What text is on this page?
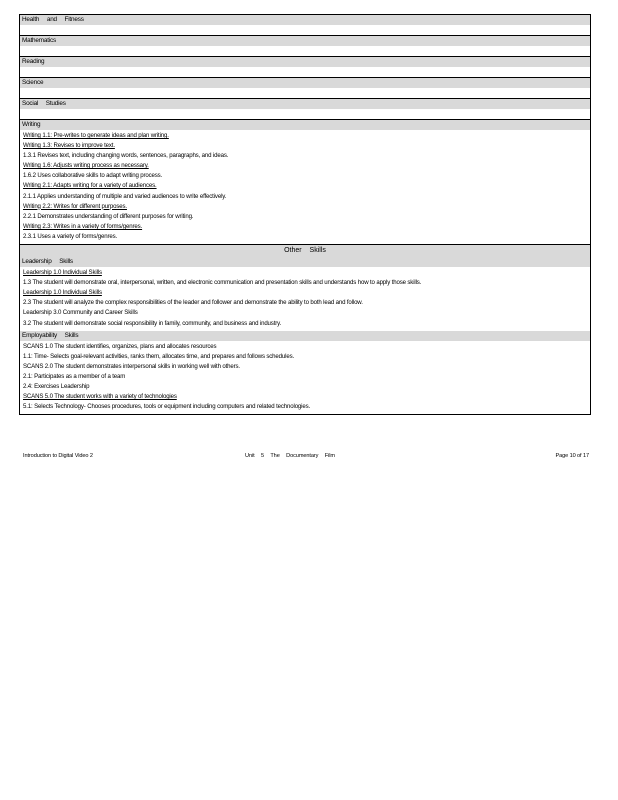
Health and Fitness
Mathematics
Reading
Science
Social Studies
Writing
Writing 1.1: Pre-writes to generate ideas and plan writing.
Writing 1.3: Revises to improve text.
1.3.1 Revises text, including changing words, sentences, paragraphs, and ideas.
Writing 1.6: Adjusts writing process as necessary.
1.6.2 Uses collaborative skills to adapt writing process.
Writing 2.1: Adapts writing for a variety of audiences.
2.1.1 Applies understanding of multiple and varied audiences to write effectively.
Writing 2.2: Writes for different purposes.
2.2.1 Demonstrates understanding of different purposes for writing.
Writing 2.3: Writes in a variety of forms/genres.
2.3.1 Uses a variety of forms/genres.
Other Skills
Leadership Skills
Leadership 1.0 Individual Skills
1.3 The student will demonstrate oral, interpersonal, written, and electronic communication and presentation skills and understands how to apply those skills.
Leadership 1.0 Individual Skills
2.3 The student will analyze the complex responsibilities of the leader and follower and demonstrate the ability to both lead and follow.
Leadership 3.0 Community and Career Skills
3.2 The student will demonstrate social responsibility in family, community, and business and industry.
Employability Skills
SCANS 1.0 The student identifies, organizes, plans and allocates resources
1.1: Time- Selects goal-relevant activities, ranks them, allocates time, and prepares and follows schedules.
SCANS 2.0 The student demonstrates interpersonal skills in working well with others.
2.1: Participates as a member of a team
2.4: Exercises Leadership
SCANS 5.0 The student works with a variety of technologies
5.1: Selects Technology- Chooses procedures, tools or equipment including computers and related technologies.
Introduction to Digital Video 2	Unit 5 The Documentary Film	Page 10 of 17
